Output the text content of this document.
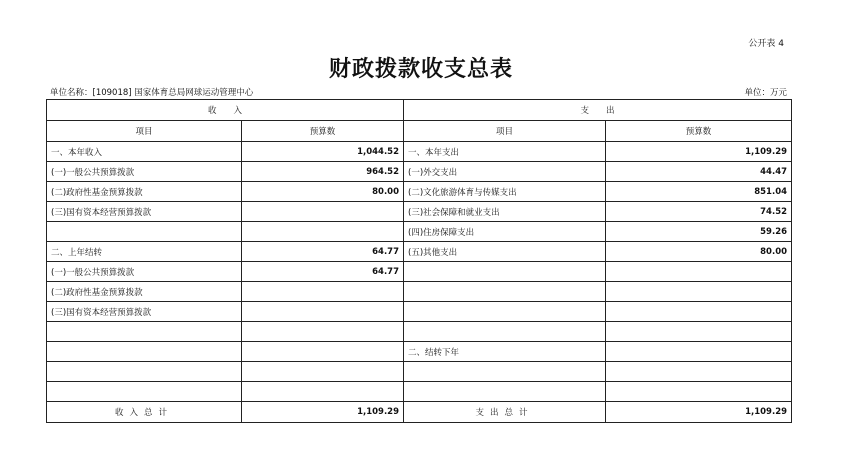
公开表 4
财政拨款收支总表
单位名称：[109018] 国家体育总局网球运动管理中心	单位：万元
收　　入		支　　出	
项目	预算数	项目	预算数
一、本年收入	1,044.52	一、本年支出	1,109.29
(一)一般公共预算拨款	964.52	(一)外交支出	44.47
(二)政府性基金预算拨款	80.00	(二)文化旅游体育与传媒支出	851.04
(三)国有资本经营预算拨款		(三)社会保障和就业支出	74.52
		(四)住房保障支出	59.26
二、上年结转	64.77	(五)其他支出	80.00
(一)一般公共预算拨款	64.77		
(二)政府性基金预算拨款			
(三)国有资本经营预算拨款			

		二、结转下年	

收入总计	1,109.29	支出总计	1,109.29
